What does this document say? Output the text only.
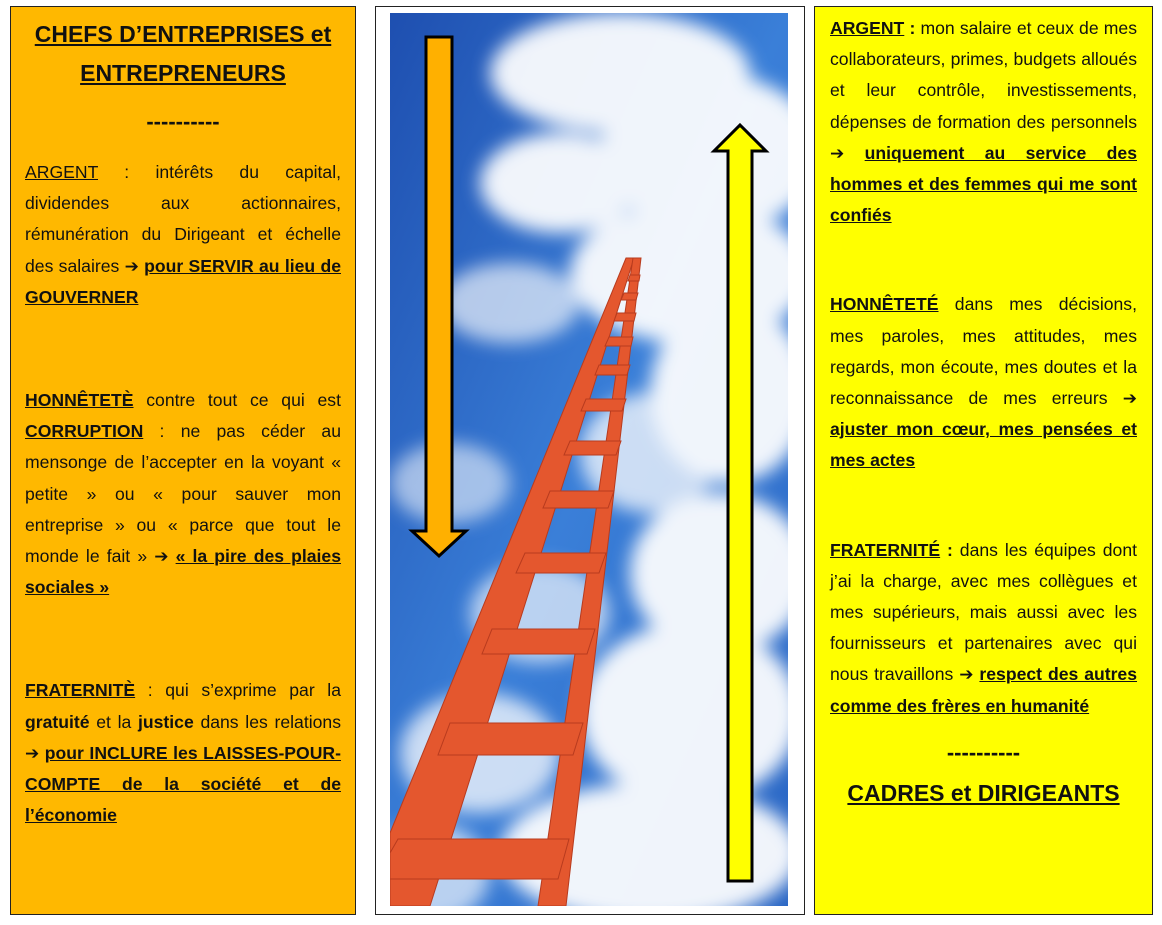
CHEFS D’ENTREPRISES et
ENTREPRENEURS
----------
ARGENT : intérêts du capital, dividendes aux actionnaires, rémunération du Dirigeant et échelle des salaires ➔ pour SERVIR au lieu de GOUVERNER
HONNÊTETÈ contre tout ce qui est CORRUPTION : ne pas céder au mensonge de l’accepter en la voyant « petite » ou « pour sauver mon entreprise » ou « parce que tout le monde le fait » ➔ « la pire des plaies sociales »
FRATERNITÈ : qui s’exprime par la gratuité et la justice dans les relations ➔ pour INCLURE les LAISSES-POUR-COMPTE de la société et de l’économie
ARGENT : mon salaire et ceux de mes collaborateurs, primes, budgets alloués et leur contrôle, investissements, dépenses de formation des personnels ➔ uniquement au service des hommes et des femmes qui me sont confiés
HONNÊTETÉ dans mes décisions, mes paroles, mes attitudes, mes regards, mon écoute, mes doutes et la reconnaissance de mes erreurs ➔ ajuster mon cœur, mes pensées et mes actes
FRATERNITÉ : dans les équipes dont j’ai la charge, avec mes collègues et mes supérieurs, mais aussi avec les fournisseurs et partenaires avec qui nous travaillons ➔ respect des autres comme des frères en humanité
----------
CADRES et DIRIGEANTS
